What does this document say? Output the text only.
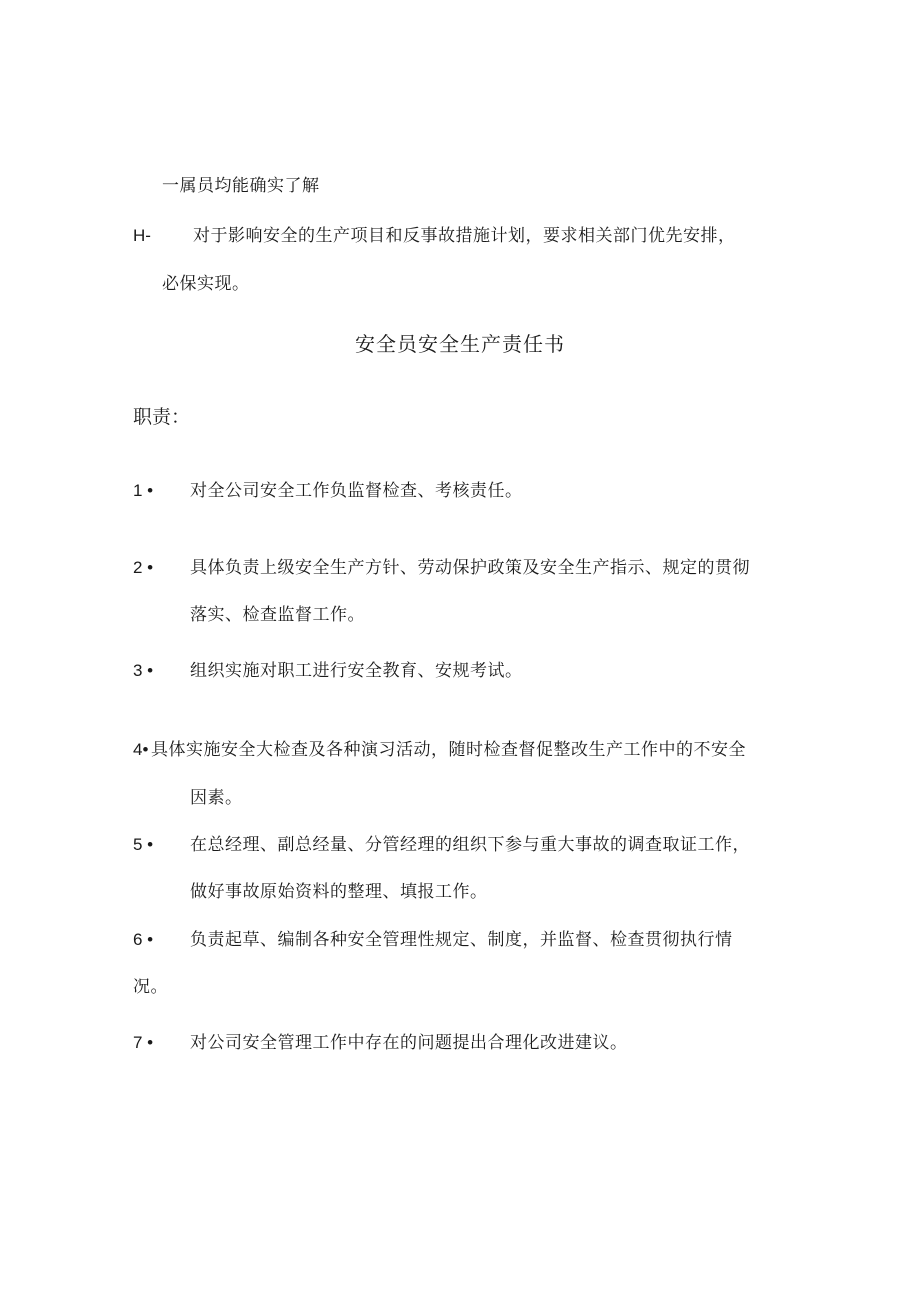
一属员均能确实了解
H- 对于影响安全的生产项目和反事故措施计划，要求相关部门优先安排，
必保实现。
安全员安全生产责任书
职责：
1 • 对全公司安全工作负监督检查、考核责任。
2 • 具体负责上级安全生产方针、劳动保护政策及安全生产指示、规定的贯彻
落实、检查监督工作。
3 • 组织实施对职工进行安全教育、安规考试。
4• 具体实施安全大检查及各种演习活动，随时检查督促整改生产工作中的不安全
因素。
5 • 在总经理、副总经量、分管经理的组织下参与重大事故的调查取证工作，
做好事故原始资料的整理、填报工作。
6 • 负责起草、编制各种安全管理性规定、制度，并监督、检查贯彻执行情
况。
7 • 对公司安全管理工作中存在的问题提出合理化改进建议。
